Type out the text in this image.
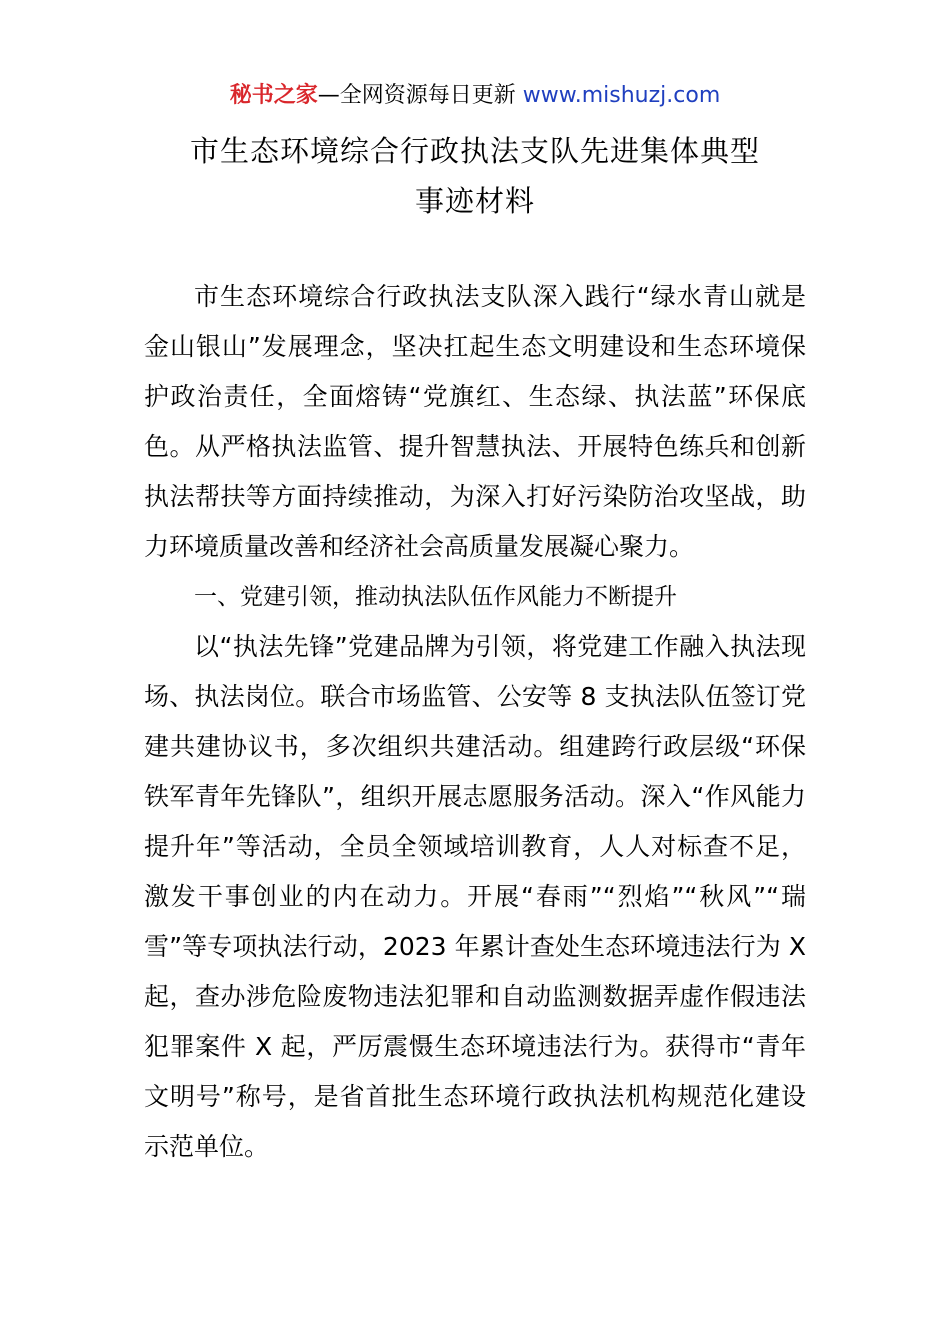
秘书之家—全网资源每日更新 www.mishuzj.com
市生态环境综合行政执法支队先进集体典型
事迹材料

市生态环境综合行政执法支队深入践行“绿水青山就是金山银山”发展理念，坚决扛起生态文明建设和生态环境保护政治责任，全面熔铸“党旗红、生态绿、执法蓝”环保底色。从严格执法监管、提升智慧执法、开展特色练兵和创新执法帮扶等方面持续推动，为深入打好污染防治攻坚战，助力环境质量改善和经济社会高质量发展凝心聚力。

一、党建引领，推动执法队伍作风能力不断提升

以“执法先锋”党建品牌为引领，将党建工作融入执法现场、执法岗位。联合市场监管、公安等 8 支执法队伍签订党建共建协议书，多次组织共建活动。组建跨行政层级“环保铁军青年先锋队”，组织开展志愿服务活动。深入“作风能力提升年”等活动，全员全领域培训教育，人人对标查不足，激发干事创业的内在动力。开展“春雨”“烈焰”“秋风”“瑞雪”等专项执法行动，2023 年累计查处生态环境违法行为 X 起，查办涉危险废物违法犯罪和自动监测数据弄虚作假违法犯罪案件 X 起，严厉震慑生态环境违法行为。获得市“青年文明号”称号，是省首批生态环境行政执法机构规范化建设示范单位。
